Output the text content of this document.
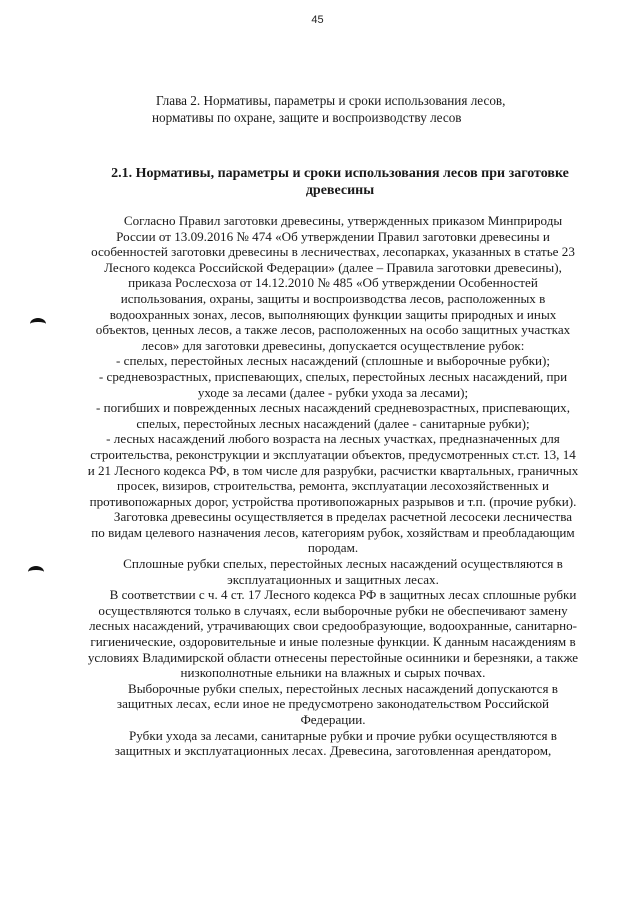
45
Глава 2. Нормативы, параметры и сроки использования лесов,
нормативы по охране, защите и воспроизводству лесов
2.1. Нормативы, параметры и сроки использования лесов при заготовке древесины

Согласно Правил заготовки древесины, утвержденных приказом Минприроды России от 13.09.2016 № 474 «Об утверждении Правил заготовки древесины и особенностей заготовки древесины в лесничествах, лесопарках, указанных в статье 23 Лесного кодекса Российской Федерации» (далее – Правила заготовки древесины), приказа Рослесхоза от 14.12.2010 № 485 «Об утверждении Особенностей использования, охраны, защиты и воспроизводства лесов, расположенных в водоохранных зонах, лесов, выполняющих функции защиты природных и иных объектов, ценных лесов, а также лесов, расположенных на особо защитных участках лесов» для заготовки древесины, допускается осуществление рубок:

- спелых, перестойных лесных насаждений (сплошные и выборочные рубки);

- средневозрастных, приспевающих, спелых, перестойных лесных насаждений, при уходе за лесами (далее - рубки ухода за лесами);

- погибших и поврежденных лесных насаждений средневозрастных, приспевающих, спелых, перестойных лесных насаждений (далее - санитарные рубки);

- лесных насаждений любого возраста на лесных участках, предназначенных для строительства, реконструкции и эксплуатации объектов, предусмотренных ст.ст. 13, 14 и 21 Лесного кодекса РФ, в том числе для разрубки, расчистки квартальных, граничных просек, визиров, строительства, ремонта, эксплуатации лесохозяйственных и противопожарных дорог, устройства противопожарных разрывов и т.п. (прочие рубки).

Заготовка древесины осуществляется в пределах расчетной лесосеки лесничества по видам целевого назначения лесов, категориям рубок, хозяйствам и преобладающим породам.

Сплошные рубки спелых, перестойных лесных насаждений осуществляются в эксплуатационных и защитных лесах.

В соответствии с ч. 4 ст. 17 Лесного кодекса РФ в защитных лесах сплошные рубки осуществляются только в случаях, если выборочные рубки не обеспечивают замену лесных насаждений, утрачивающих свои средообразующие, водоохранные, санитарно-гигиенические, оздоровительные и иные полезные функции. К данным насаждениям в условиях Владимирской области отнесены перестойные осинники и березняки, а также низкополнотные ельники на влажных и сырых почвах.

Выборочные рубки спелых, перестойных лесных насаждений допускаются в защитных лесах, если иное не предусмотрено законодательством Российской Федерации.

Рубки ухода за лесами, санитарные рубки и прочие рубки осуществляются в защитных и эксплуатационных лесах. Древесина, заготовленная арендатором,
